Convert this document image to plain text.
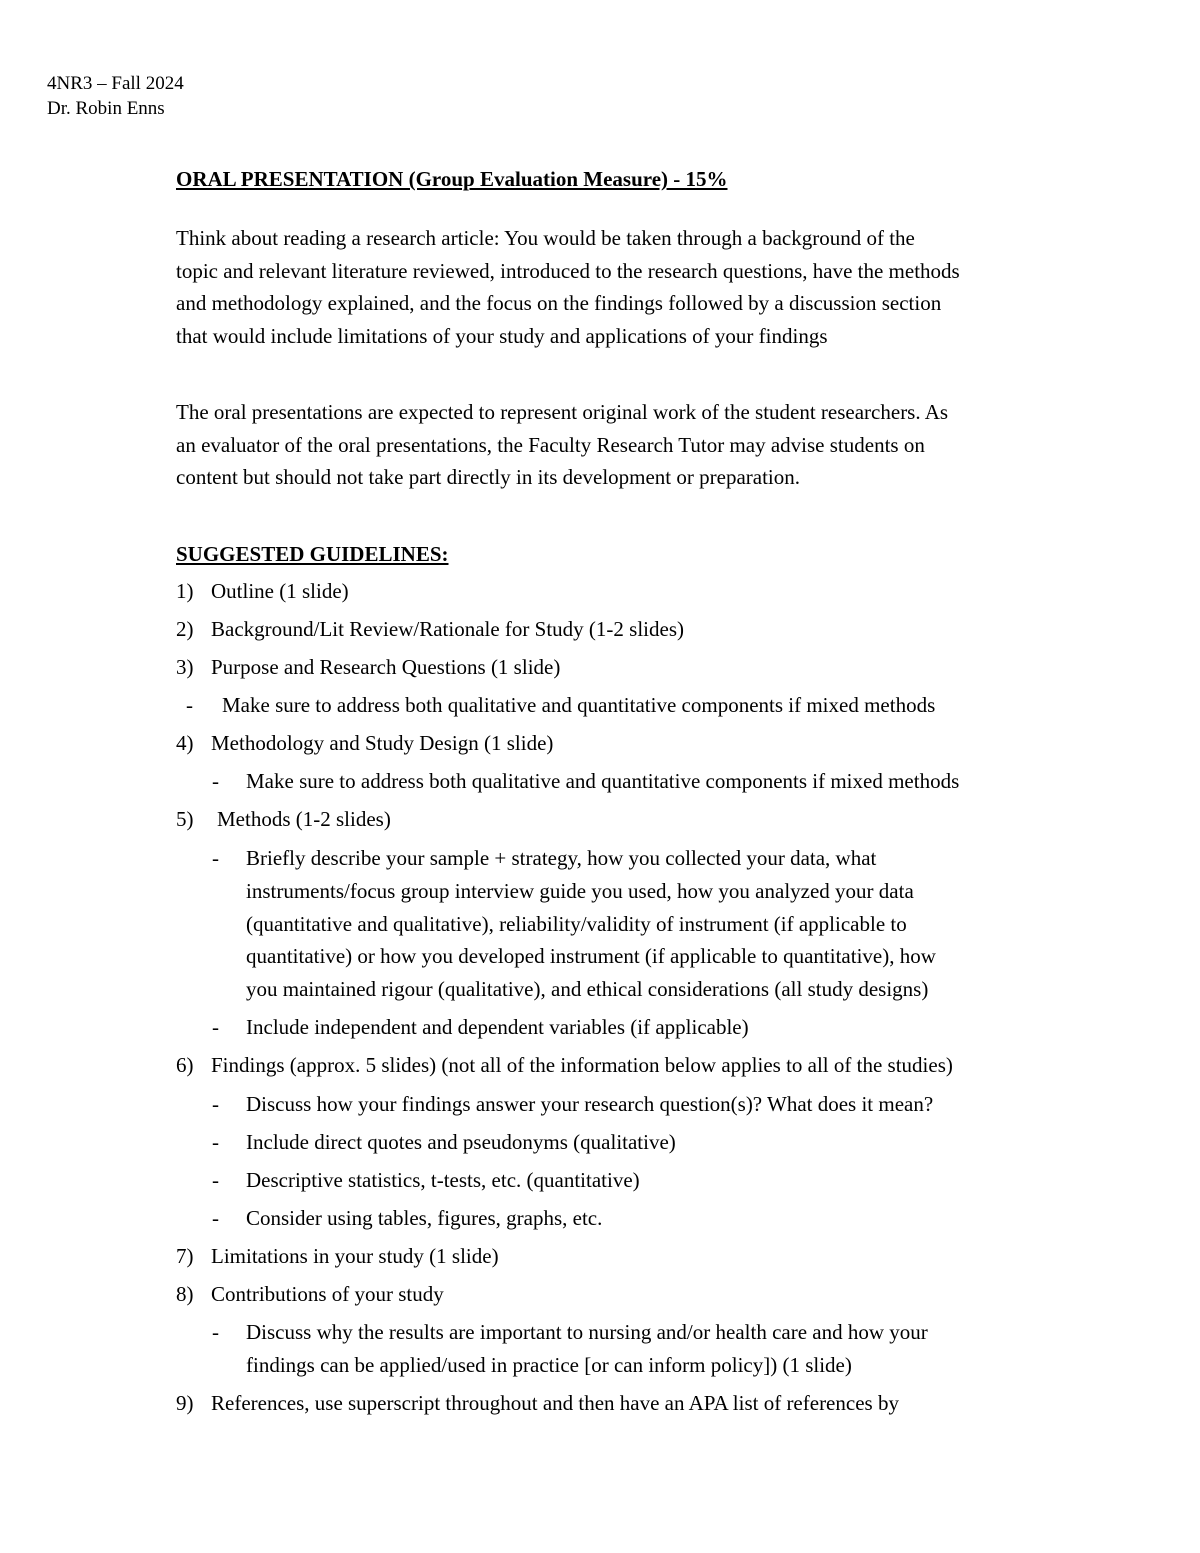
4NR3 – Fall 2024
Dr. Robin Enns
ORAL PRESENTATION (Group Evaluation Measure) - 15%
Think about reading a research article: You would be taken through a background of the
topic and relevant literature reviewed, introduced to the research questions, have the methods
and methodology explained, and the focus on the findings followed by a discussion section
that would include limitations of your study and applications of your findings
The oral presentations are expected to represent original work of the student researchers. As
an evaluator of the oral presentations, the Faculty Research Tutor may advise students on
content but should not take part directly in its development or preparation.
SUGGESTED GUIDELINES:
1) Outline (1 slide)
2) Background/Lit Review/Rationale for Study (1-2 slides)
3) Purpose and Research Questions (1 slide)
- Make sure to address both qualitative and quantitative components if mixed methods
4) Methodology and Study Design (1 slide)
- Make sure to address both qualitative and quantitative components if mixed methods
5) Methods (1-2 slides)
- Briefly describe your sample + strategy, how you collected your data, what
instruments/focus group interview guide you used, how you analyzed your data
(quantitative and qualitative), reliability/validity of instrument (if applicable to
quantitative) or how you developed instrument (if applicable to quantitative), how
you maintained rigour (qualitative), and ethical considerations (all study designs)
- Include independent and dependent variables (if applicable)
6) Findings (approx. 5 slides) (not all of the information below applies to all of the studies)
- Discuss how your findings answer your research question(s)? What does it mean?
- Include direct quotes and pseudonyms (qualitative)
- Descriptive statistics, t-tests, etc. (quantitative)
- Consider using tables, figures, graphs, etc.
7) Limitations in your study (1 slide)
8) Contributions of your study
- Discuss why the results are important to nursing and/or health care and how your
findings can be applied/used in practice [or can inform policy]) (1 slide)
9) References, use superscript throughout and then have an APA list of references by
